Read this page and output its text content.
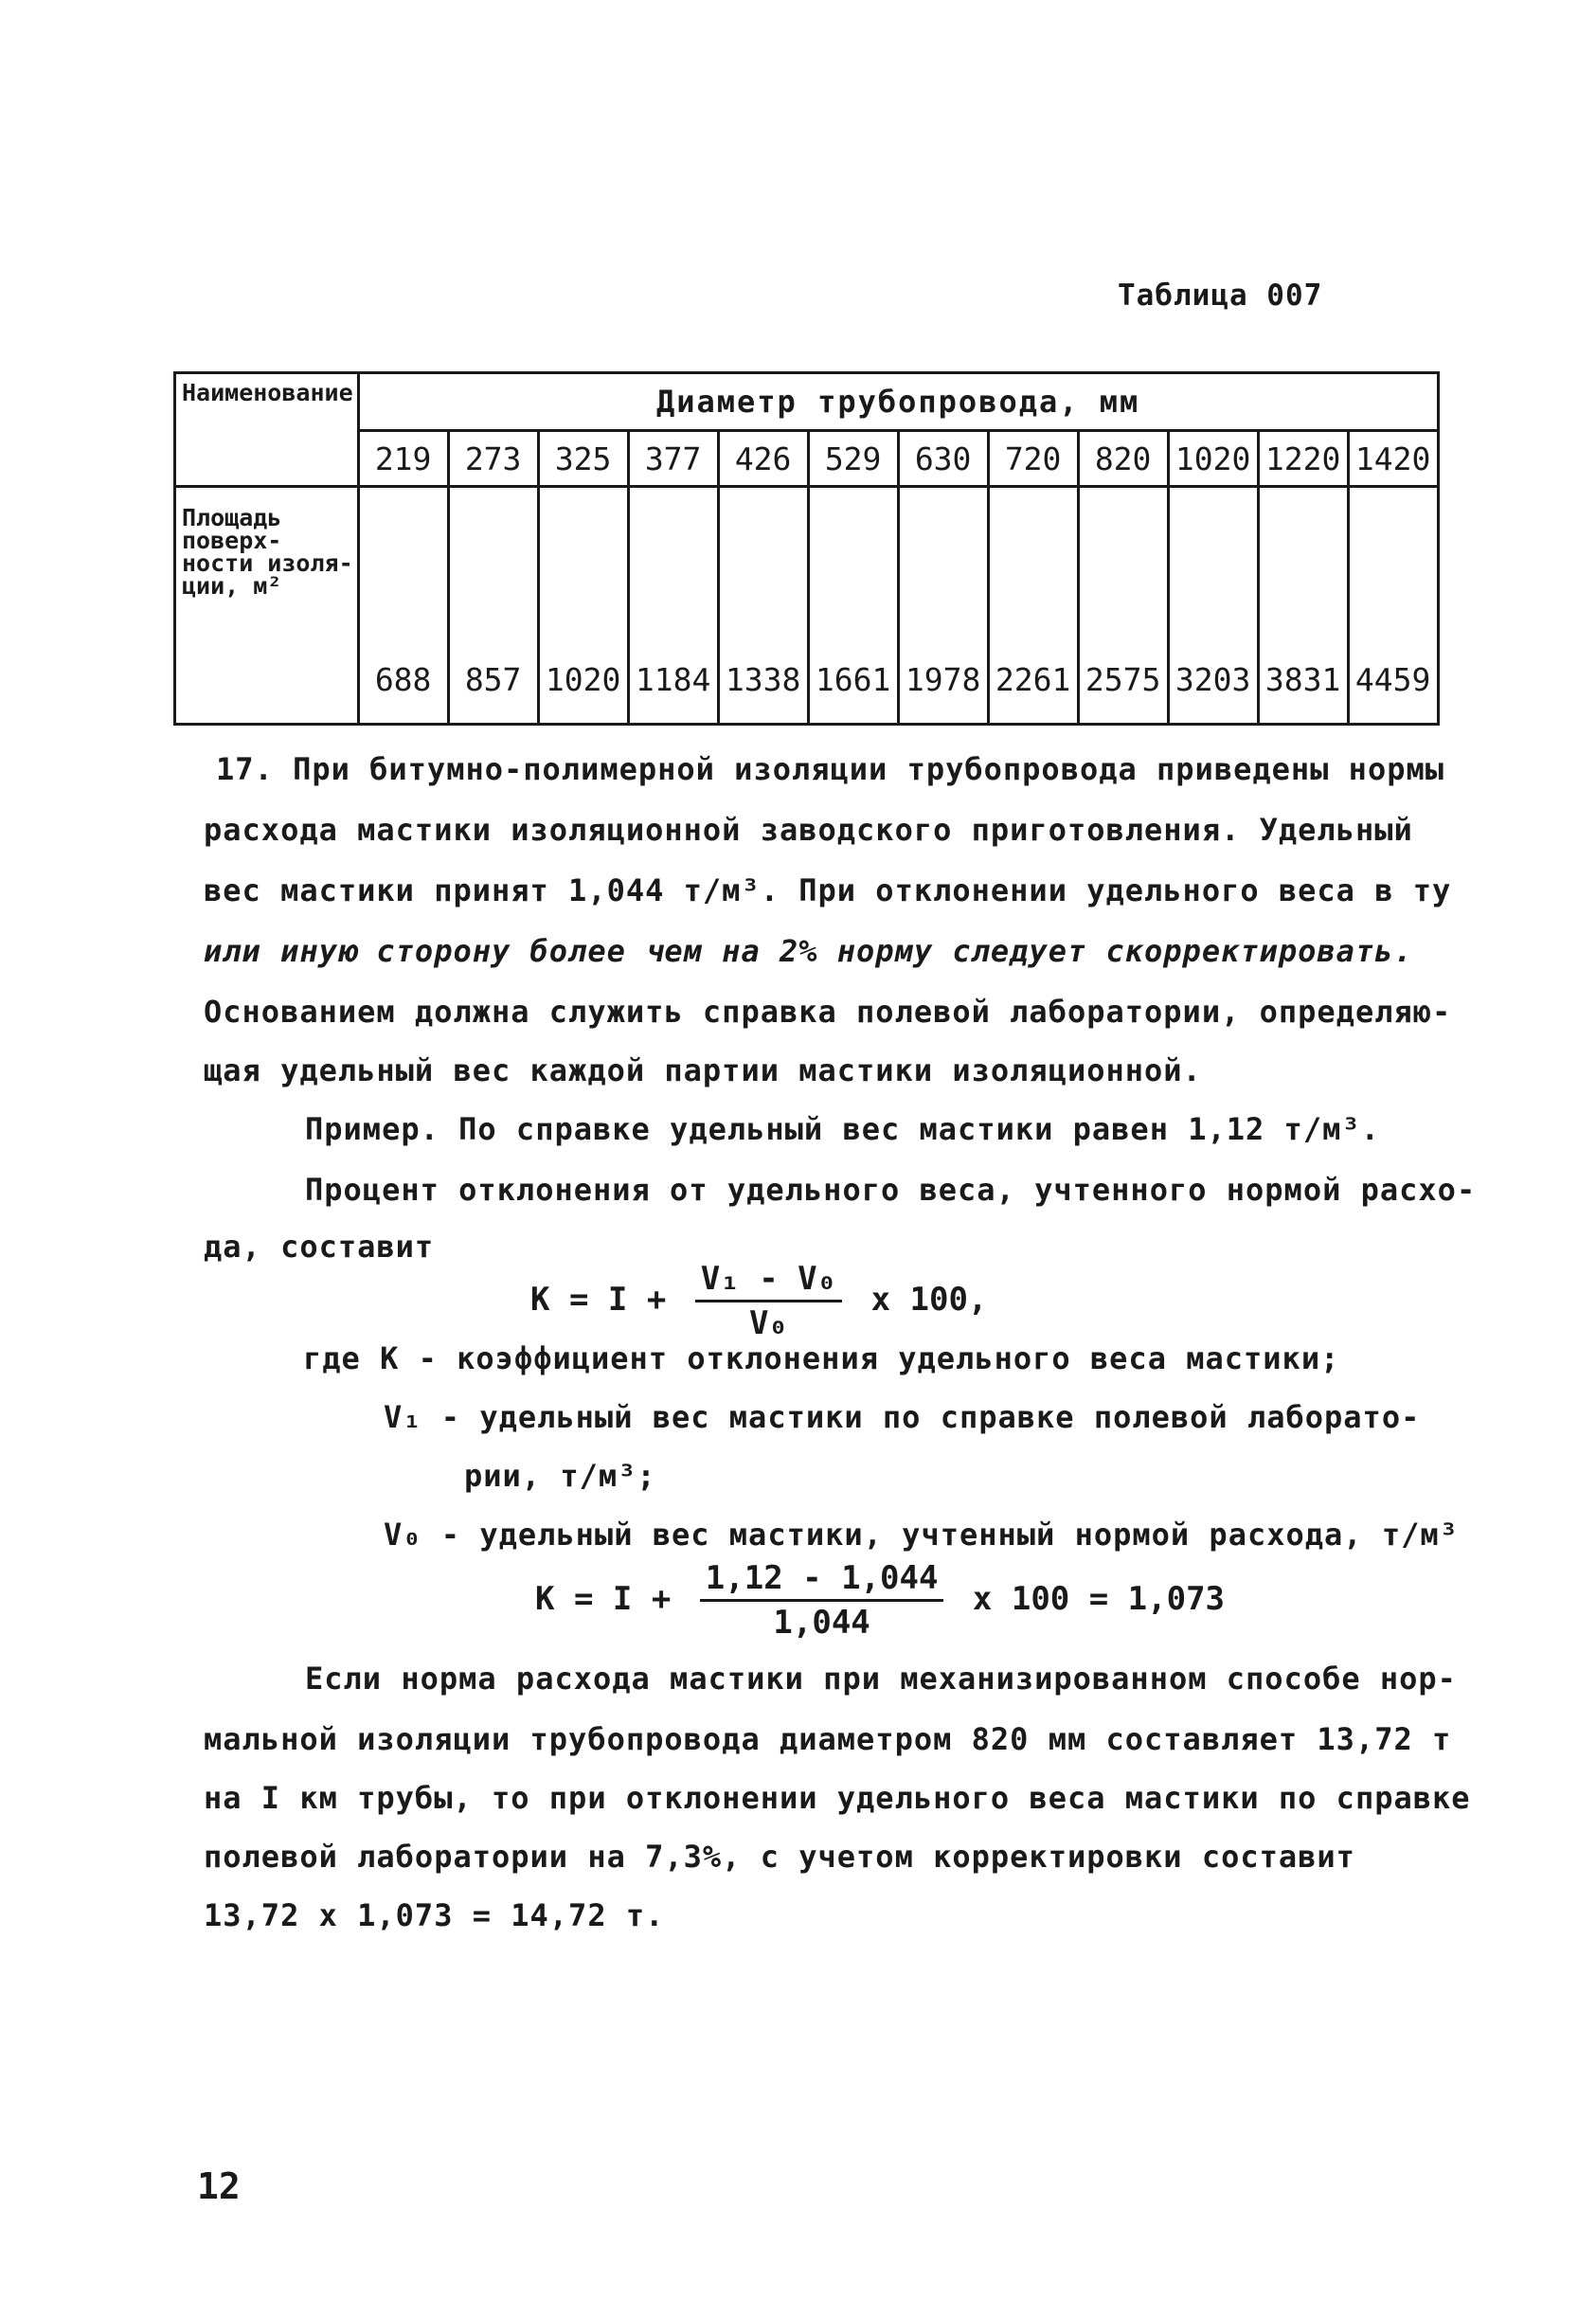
Таблица 007
Наименование	Диаметр трубопровода, мм											
	219	273	325	377	426	529	630	720	820	1020	1220	1420

Площадь поверх- ности изоля- ции, м²	688	857	1020	1184	1338	1661	1978	2261	2575	3203	3831	4459
17. При битумно-полимерной изоляции трубопровода приведены нормы
расхода мастики изоляционной заводского приготовления. Удельный
вес мастики принят 1,044 т/м³. При отклонении удельного веса в ту
или иную сторону более чем на 2% норму следует скорректировать.
Основанием должна служить справка полевой лаборатории, определяю-
щая удельный вес каждой партии мастики изоляционной.
Пример. По справке удельный вес мастики равен 1,12 т/м³.
Процент отклонения от удельного веса, учтенного нормой расхо-
да, составит
$К = I + \frac{\text{V₁ - V₀}}{\text{V₀}}$ x 100,
где К - коэффициент отклонения удельного веса мастики;
V₁ - удельный вес мастики по справке полевой лаборато-
рии, т/м³;
V₀ - удельный вес мастики, учтенный нормой расхода, т/м³
$К = I + \frac{1,12 - 1,044}{1,044}$ x 100 = 1,073
Если норма расхода мастики при механизированном способе нор-
мальной изоляции трубопровода диаметром 820 мм составляет 13,72 т
на I км трубы, то при отклонении удельного веса мастики по справке
полевой лаборатории на 7,3%, с учетом корректировки составит
13,72 х 1,073 = 14,72 т.
12
